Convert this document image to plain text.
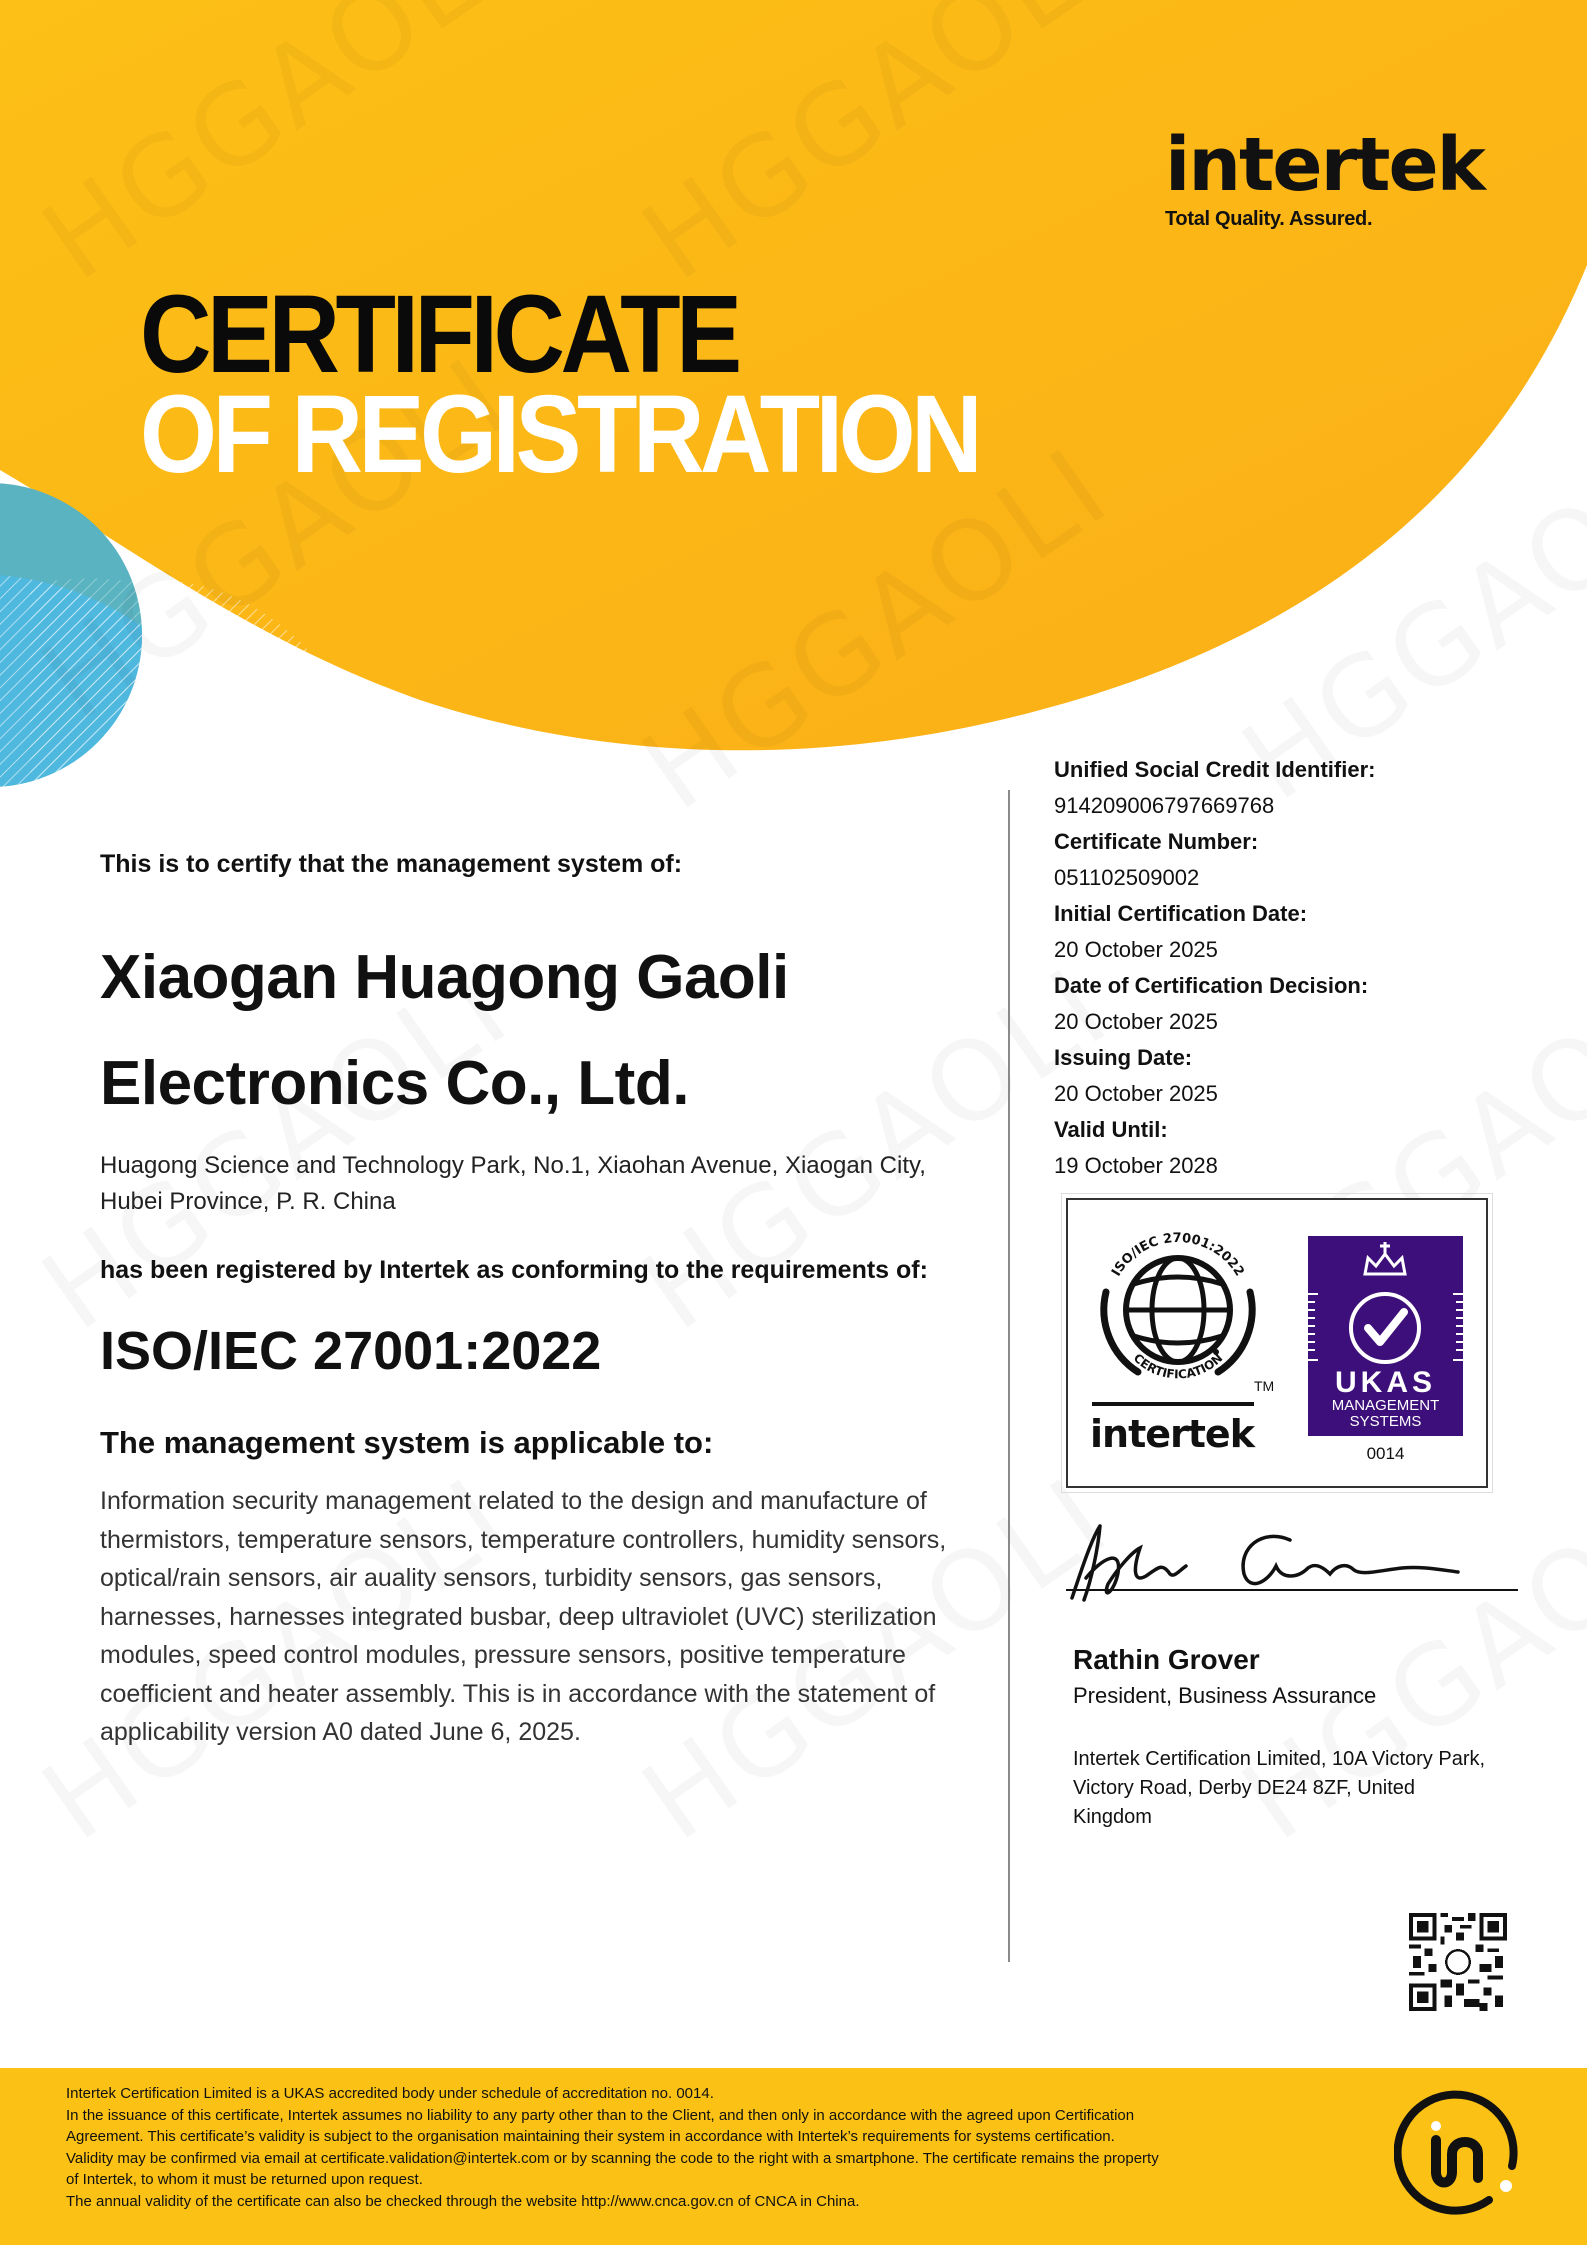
intertek
Total Quality. Assured.
CERTIFICATE
OF REGISTRATION
This is to certify that the management system of:
Xiaogan Huagong Gaoli
Electronics Co., Ltd.
Huagong Science and Technology Park, No.1, Xiaohan Avenue, Xiaogan City,
Hubei Province, P. R. China
has been registered by Intertek as conforming to the requirements of:
ISO/IEC 27001:2022
The management system is applicable to:
Information security management related to the design and manufacture of
thermistors, temperature sensors, temperature controllers, humidity sensors,
optical/rain sensors, air auality sensors, turbidity sensors, gas sensors,
harnesses, harnesses integrated busbar, deep ultraviolet (UVC) sterilization
modules, speed control modules, pressure sensors, positive temperature
coefficient and heater assembly. This is in accordance with the statement of
applicability version A0 dated June 6, 2025.
Unified Social Credit Identifier:
914209006797669768
Certificate Number:
051102509002
Initial Certification Date:
20 October 2025
Date of Certification Decision:
20 October 2025
Issuing Date:
20 October 2025
Valid Until:
19 October 2028
ISO/IEC 27001:2022
CERTIFICATION
TM
intertek
UKAS
MANAGEMENT
SYSTEMS
0014
Rathin Grover
President, Business Assurance
Intertek Certification Limited, 10A Victory Park, Victory Road, Derby DE24 8ZF, United Kingdom
Intertek Certification Limited is a UKAS accredited body under schedule of accreditation no. 0014.
In the issuance of this certificate, Intertek assumes no liability to any party other than to the Client, and then only in accordance with the agreed upon Certification
Agreement. This certificate’s validity is subject to the organisation maintaining their system in accordance with Intertek’s requirements for systems certification.
Validity may be confirmed via email at certificate.validation@intertek.com or by scanning the code to the right with a smartphone. The certificate remains the property
of Intertek, to whom it must be returned upon request.
The annual validity of the certificate can also be checked through the website http://www.cnca.gov.cn of CNCA in China.
